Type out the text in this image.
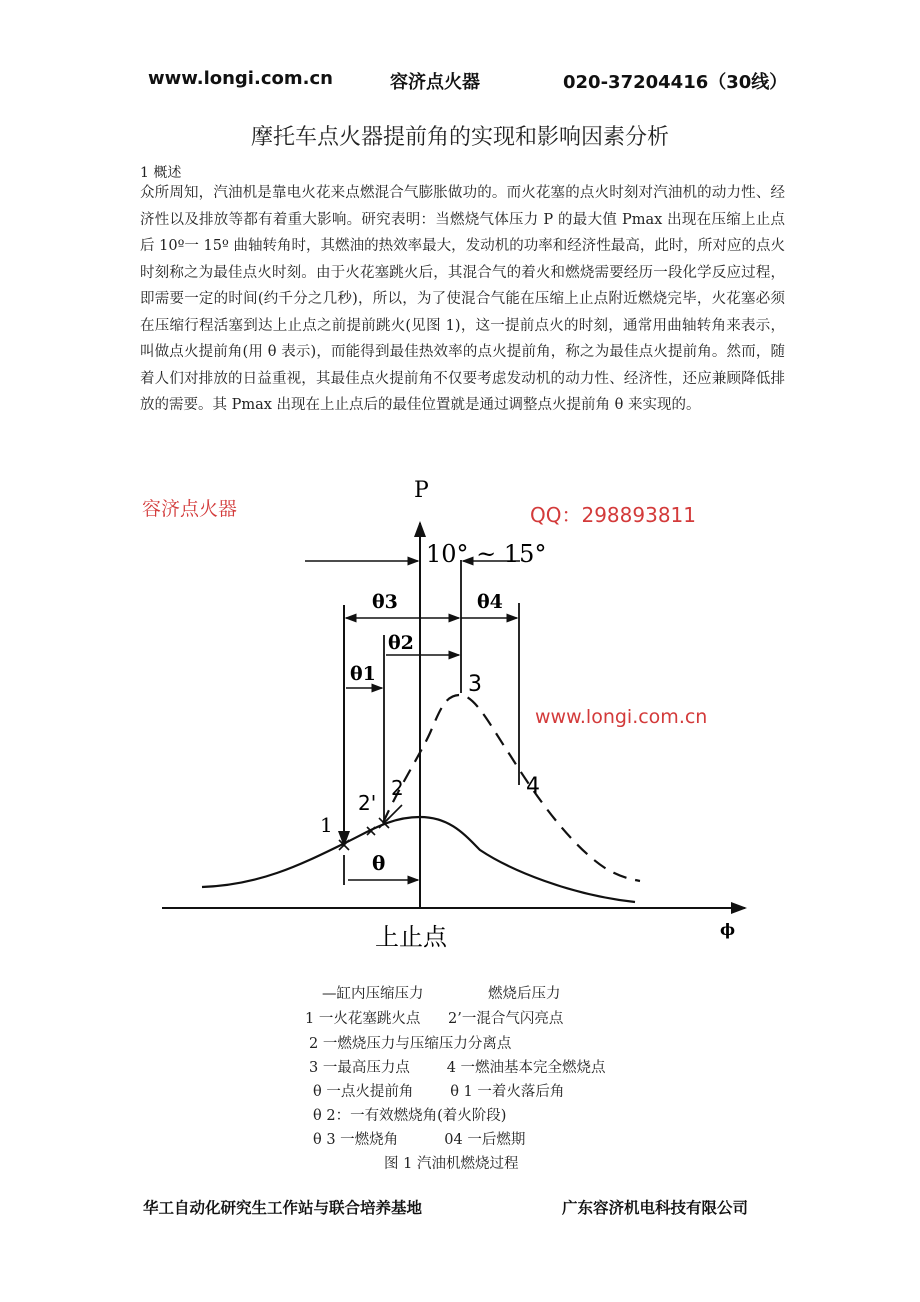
www.longi.com.cn	容济点火器	020-37204416（30线）
摩托车点火器提前角的实现和影响因素分析
1 概述

众所周知，汽油机是靠电火花来点燃混合气膨胀做功的。而火花塞的点火时刻对汽油机的动力性、经济性以及排放等都有着重大影响。研究表明：当燃烧气体压力 P 的最大值 Pmax 出现在压缩上止点后 10º一 15º 曲轴转角时，其燃油的热效率最大，发动机的功率和经济性最高，此时，所对应的点火时刻称之为最佳点火时刻。由于火花塞跳火后，其混合气的着火和燃烧需要经历一段化学反应过程，即需要一定的时间(约千分之几秒)，所以，为了使混合气能在压缩上止点附近燃烧完毕，火花塞必须在压缩行程活塞到达上止点之前提前跳火(见图 1)，这一提前点火的时刻，通常用曲轴转角来表示，叫做点火提前角(用 θ 表示)，而能得到最佳热效率的点火提前角，称之为最佳点火提前角。然而，随着人们对排放的日益重视，其最佳点火提前角不仅要考虑发动机的动力性、经济性，还应兼顾降低排放的需要。其 Pmax 出现在上止点后的最佳位置就是通过调整点火提前角 θ 来实现的。

容济点火器	QQ：298893811
www.longi.com.cn
P
ϕ
上止点
10° ~ 15°
θ3	θ4
θ2
θ1
θ
1
2'
2
3
4
—缸内压缩压力              燃烧后压力
1 一火花塞跳火点      2’一混合气闪亮点
2 一燃烧压力与压缩压力分离点
3 一最高压力点        4 一燃油基本完全燃烧点
θ 一点火提前角        θ 1 一着火落后角
θ 2：一有效燃烧角(着火阶段)
θ 3 一燃烧角          04 一后燃期
图 1 汽油机燃烧过程
华工自动化研究生工作站与联合培养基地	广东容济机电科技有限公司
